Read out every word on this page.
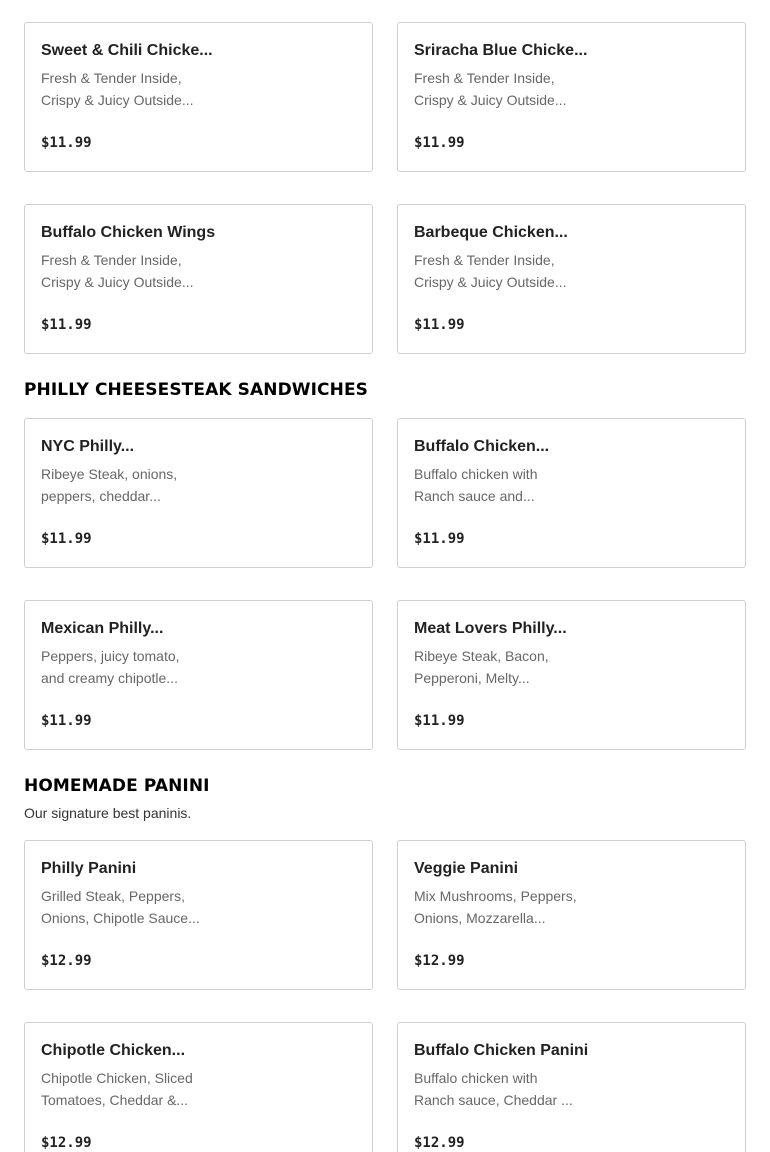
Sweet & Chili Chicke...
Fresh & Tender Inside,
Crispy & Juicy Outside...
$11.99
Sriracha Blue Chicke...
Fresh & Tender Inside,
Crispy & Juicy Outside...
$11.99
Buffalo Chicken Wings
Fresh & Tender Inside,
Crispy & Juicy Outside...
$11.99
Barbeque Chicken...
Fresh & Tender Inside,
Crispy & Juicy Outside...
$11.99
PHILLY CHEESESTEAK SANDWICHES
NYC Philly...
Ribeye Steak, onions,
peppers, cheddar...
$11.99
Buffalo Chicken...
Buffalo chicken with
Ranch sauce and...
$11.99
Mexican Philly...
Peppers, juicy tomato,
and creamy chipotle...
$11.99
Meat Lovers Philly...
Ribeye Steak, Bacon,
Pepperoni, Melty...
$11.99
HOMEMADE PANINI

Our signature best paninis.

Philly Panini
Grilled Steak, Peppers,
Onions, Chipotle Sauce...
$12.99
Veggie Panini
Mix Mushrooms, Peppers,
Onions, Mozzarella...
$12.99
Chipotle Chicken...
Chipotle Chicken, Sliced
Tomatoes, Cheddar &...
$12.99
Buffalo Chicken Panini
Buffalo chicken with
Ranch sauce, Cheddar ...
$12.99
